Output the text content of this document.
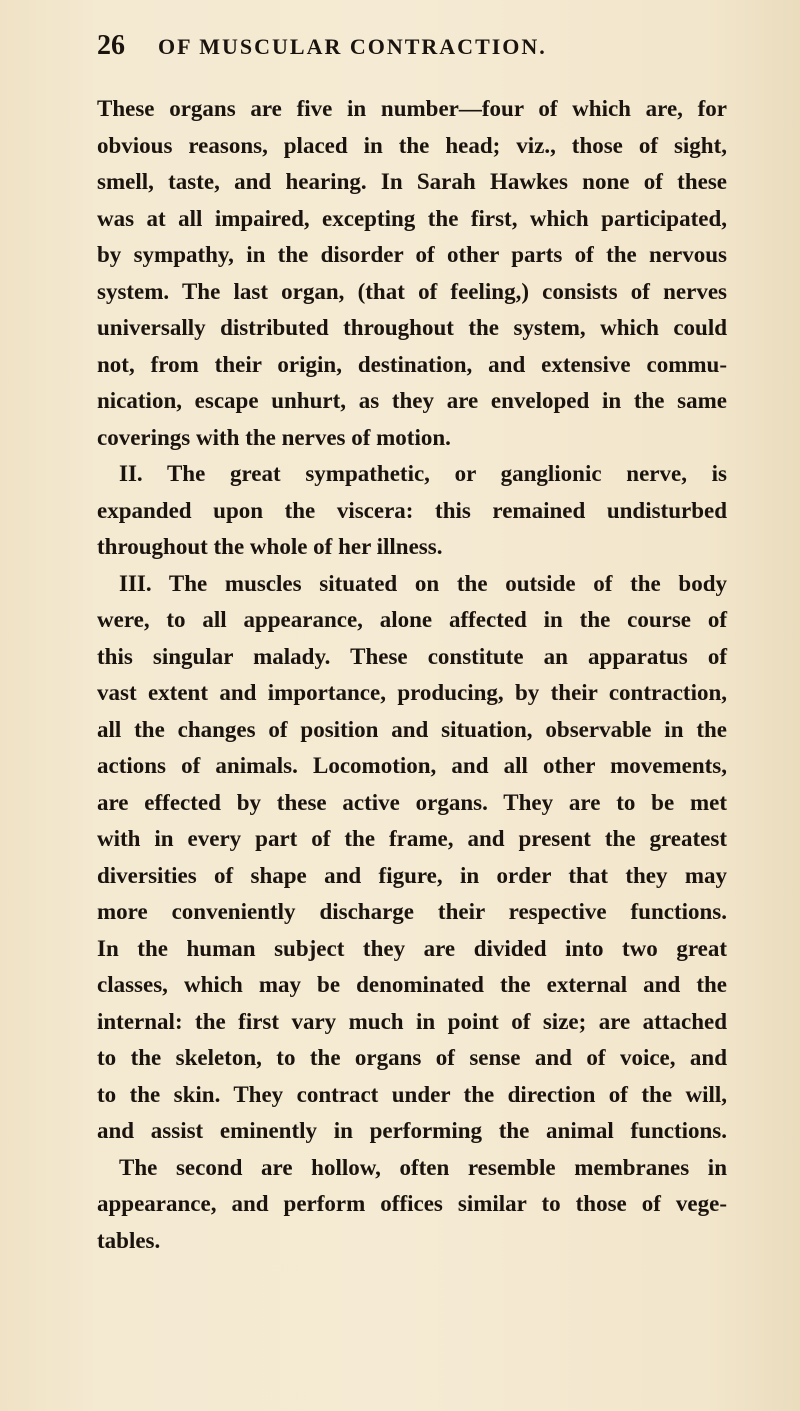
26 OF MUSCULAR CONTRACTION.
These organs are five in number—four of which are, for
obvious reasons, placed in the head; viz., those of sight,
smell, taste, and hearing. In Sarah Hawkes none of these
was at all impaired, excepting the first, which participated,
by sympathy, in the disorder of other parts of the nervous
system. The last organ, (that of feeling,) consists of nerves
universally distributed throughout the system, which could
not, from their origin, destination, and extensive commu-
nication, escape unhurt, as they are enveloped in the same
coverings with the nerves of motion.
II. The great sympathetic, or ganglionic nerve, is
expanded upon the viscera: this remained undisturbed
throughout the whole of her illness.
III. The muscles situated on the outside of the body
were, to all appearance, alone affected in the course of
this singular malady. These constitute an apparatus of
vast extent and importance, producing, by their contraction,
all the changes of position and situation, observable in the
actions of animals. Locomotion, and all other movements,
are effected by these active organs. They are to be met
with in every part of the frame, and present the greatest
diversities of shape and figure, in order that they may
more conveniently discharge their respective functions.
In the human subject they are divided into two great
classes, which may be denominated the external and the
internal: the first vary much in point of size; are attached
to the skeleton, to the organs of sense and of voice, and
to the skin. They contract under the direction of the will,
and assist eminently in performing the animal functions.
The second are hollow, often resemble membranes in
appearance, and perform offices similar to those of vege-
tables.
